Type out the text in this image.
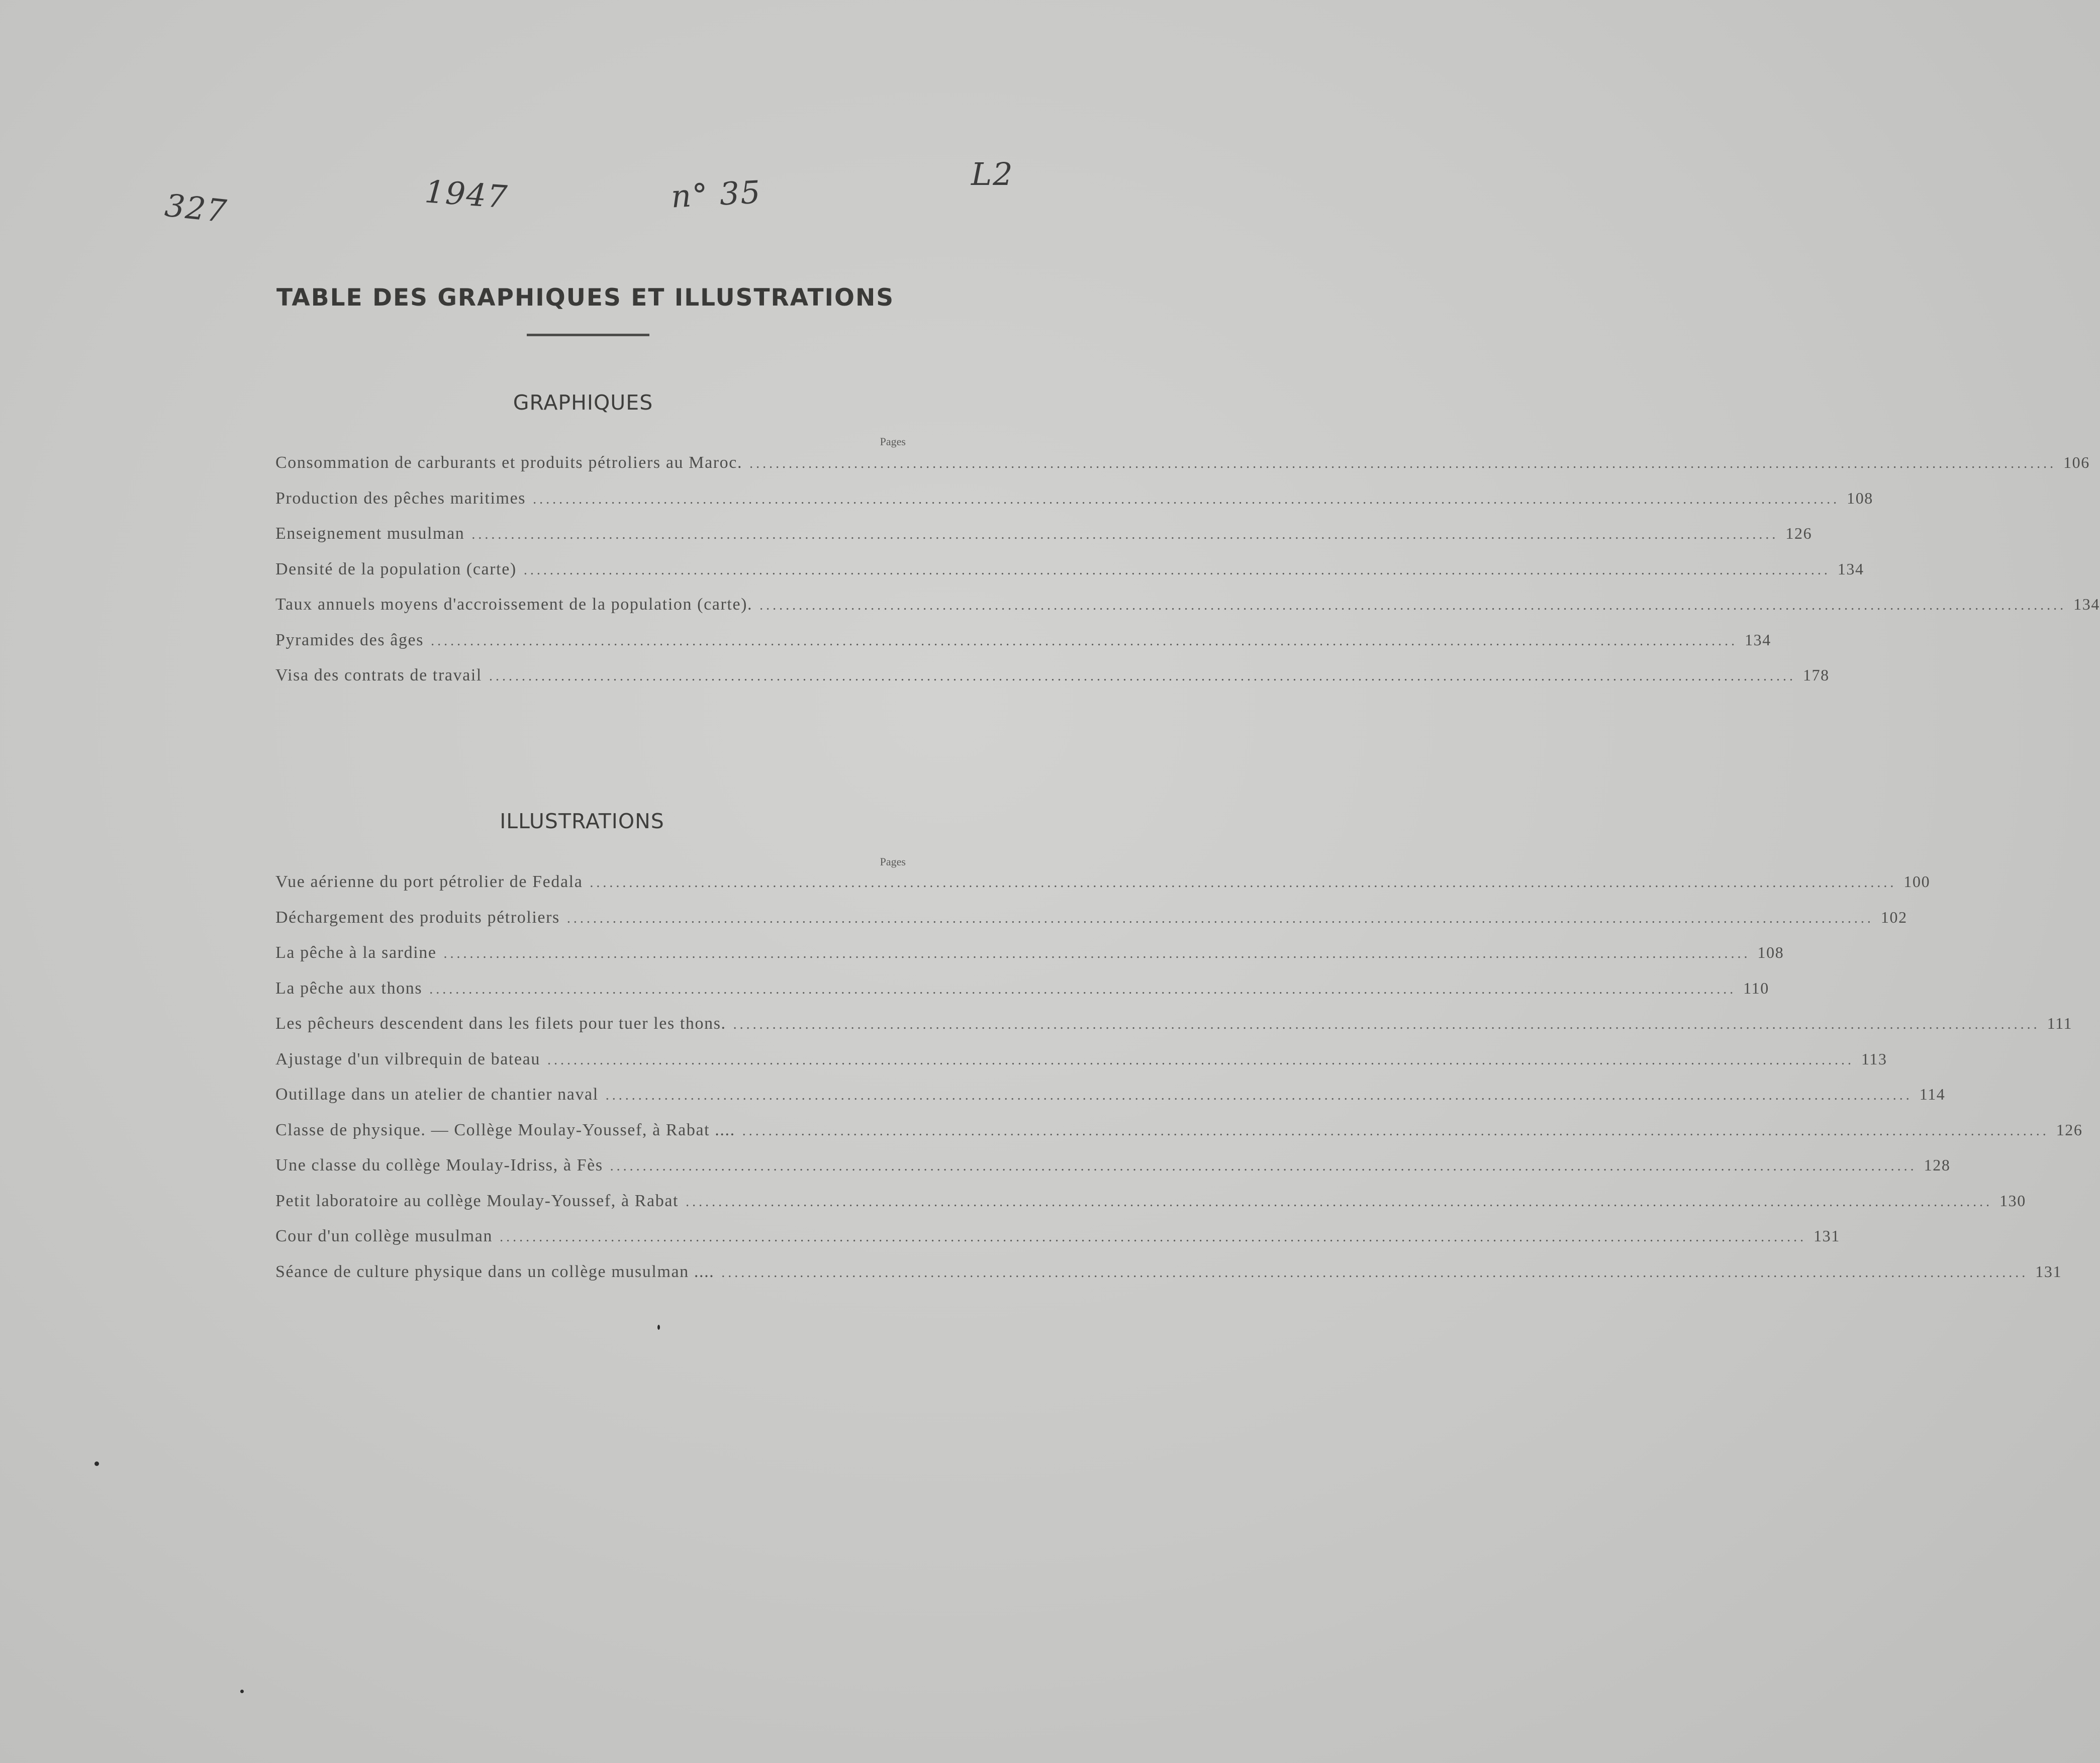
327	1947	n° 35	L2
TABLE DES GRAPHIQUES ET ILLUSTRATIONS
GRAPHIQUES
Pages
Consommation de carburants et produits pétroliers au Maroc. ........................................................................................................................................................................................................ 106
Production des pêches maritimes ........................................................................................................................................................................................................ 108
Enseignement musulman ........................................................................................................................................................................................................ 126
Densité de la population (carte) ........................................................................................................................................................................................................ 134
Taux annuels moyens d'accroissement de la population (carte). ........................................................................................................................................................................................................ 134
Pyramides des âges ........................................................................................................................................................................................................ 134
Visa des contrats de travail ........................................................................................................................................................................................................ 178
ILLUSTRATIONS
Pages
Vue aérienne du port pétrolier de Fedala ........................................................................................................................................................................................................ 100
Déchargement des produits pétroliers ........................................................................................................................................................................................................ 102
La pêche à la sardine ........................................................................................................................................................................................................ 108
La pêche aux thons ........................................................................................................................................................................................................ 110
Les pêcheurs descendent dans les filets pour tuer les thons. ........................................................................................................................................................................................................ 111
Ajustage d'un vilbrequin de bateau ........................................................................................................................................................................................................ 113
Outillage dans un atelier de chantier naval ........................................................................................................................................................................................................ 114
Classe de physique. — Collège Moulay-Youssef, à Rabat .... ........................................................................................................................................................................................................ 126
Une classe du collège Moulay-Idriss, à Fès ........................................................................................................................................................................................................ 128
Petit laboratoire au collège Moulay-Youssef, à Rabat ........................................................................................................................................................................................................ 130
Cour d'un collège musulman ........................................................................................................................................................................................................ 131
Séance de culture physique dans un collège musulman .... ........................................................................................................................................................................................................ 131
